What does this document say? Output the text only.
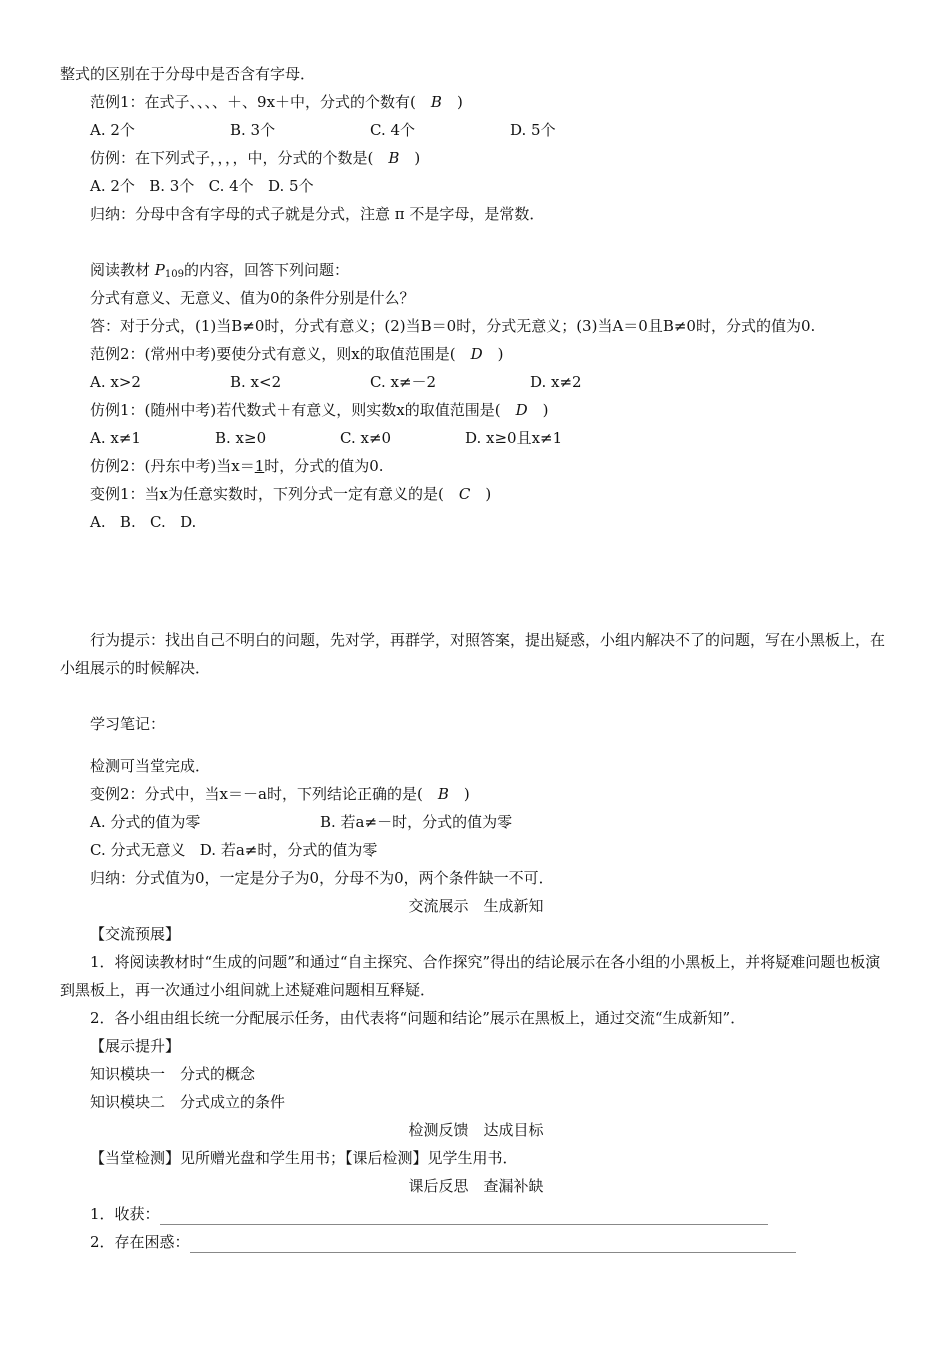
整式的区别在于分母中是否含有字母．
范例1：在式子、、、、＋、9x＋中，分式的个数有( B )
A. 2个	B. 3个	C. 4个	D. 5个
仿例：在下列式子，，，，中，分式的个数是( B )
A. 2个 B. 3个 C. 4个 D. 5个
归纳：分母中含有字母的式子就是分式，注意 π 不是字母，是常数．
阅读教材 $P_{109}$的内容，回答下列问题：
分式有意义、无意义、值为0的条件分别是什么？
答：对于分式，(1)当B≠0时，分式有意义；(2)当B＝0时，分式无意义；(3)当A＝0且B≠0时，分式的值为0.
范例2：(常州中考)要使分式有意义，则x的取值范围是( D )
A. x>2	B. x<2	C. x≠－2	D. x≠2
仿例1：(随州中考)若代数式＋有意义，则实数x的取值范围是( D )
A. x≠1	B. x≥0	C. x≠0	D. x≥0且x≠1
仿例2：(丹东中考)当x＝1时，分式的值为0.
变例1：当x为任意实数时，下列分式一定有意义的是( C )
A. B. C. D.
行为提示：找出自己不明白的问题，先对学，再群学，对照答案，提出疑惑，小组内解决不了的问题，写在小黑板上，在小组展示的时候解决．
学习笔记：
检测可当堂完成．
变例2：分式中，当x＝－a时，下列结论正确的是( B )
A. 分式的值为零	B. 若a≠－时，分式的值为零
C. 分式无意义 D. 若a≠时，分式的值为零
归纳：分式值为0，一定是分子为0，分母不为0，两个条件缺一不可．
交流展示 生成新知
【交流预展】
1．将阅读教材时“生成的问题”和通过“自主探究、合作探究”得出的结论展示在各小组的小黑板上，并将疑难问题也板演到黑板上，再一次通过小组间就上述疑难问题相互释疑．
2．各小组由组长统一分配展示任务，由代表将“问题和结论”展示在黑板上，通过交流“生成新知”．
【展示提升】
知识模块一 分式的概念
知识模块二 分式成立的条件
检测反馈 达成目标
【当堂检测】见所赠光盘和学生用书；【课后检测】见学生用书．
课后反思 查漏补缺
1．收获：
2．存在困惑：
